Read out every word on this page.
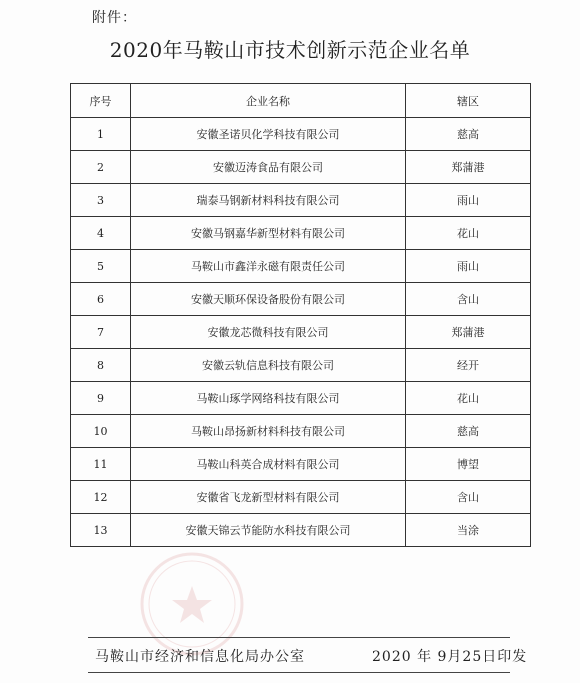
附件：
2020年马鞍山市技术创新示范企业名单
序号	企业名称	辖区
1	安徽圣诺贝化学科技有限公司	慈高
2	安徽迈涛食品有限公司	郑蒲港
3	瑞泰马钢新材料科技有限公司	雨山
4	安徽马钢嘉华新型材料有限公司	花山
5	马鞍山市鑫洋永磁有限责任公司	雨山
6	安徽天顺环保设备股份有限公司	含山
7	安徽龙芯微科技有限公司	郑蒲港
8	安徽云轨信息科技有限公司	经开
9	马鞍山琢学网络科技有限公司	花山
10	马鞍山昂扬新材料科技有限公司	慈高
11	马鞍山科英合成材料有限公司	博望
12	安徽省飞龙新型材料有限公司	含山
13	安徽天锦云节能防水科技有限公司	当涂
马鞍山市经济和信息化局办公室	2020 年 9月25日印发
